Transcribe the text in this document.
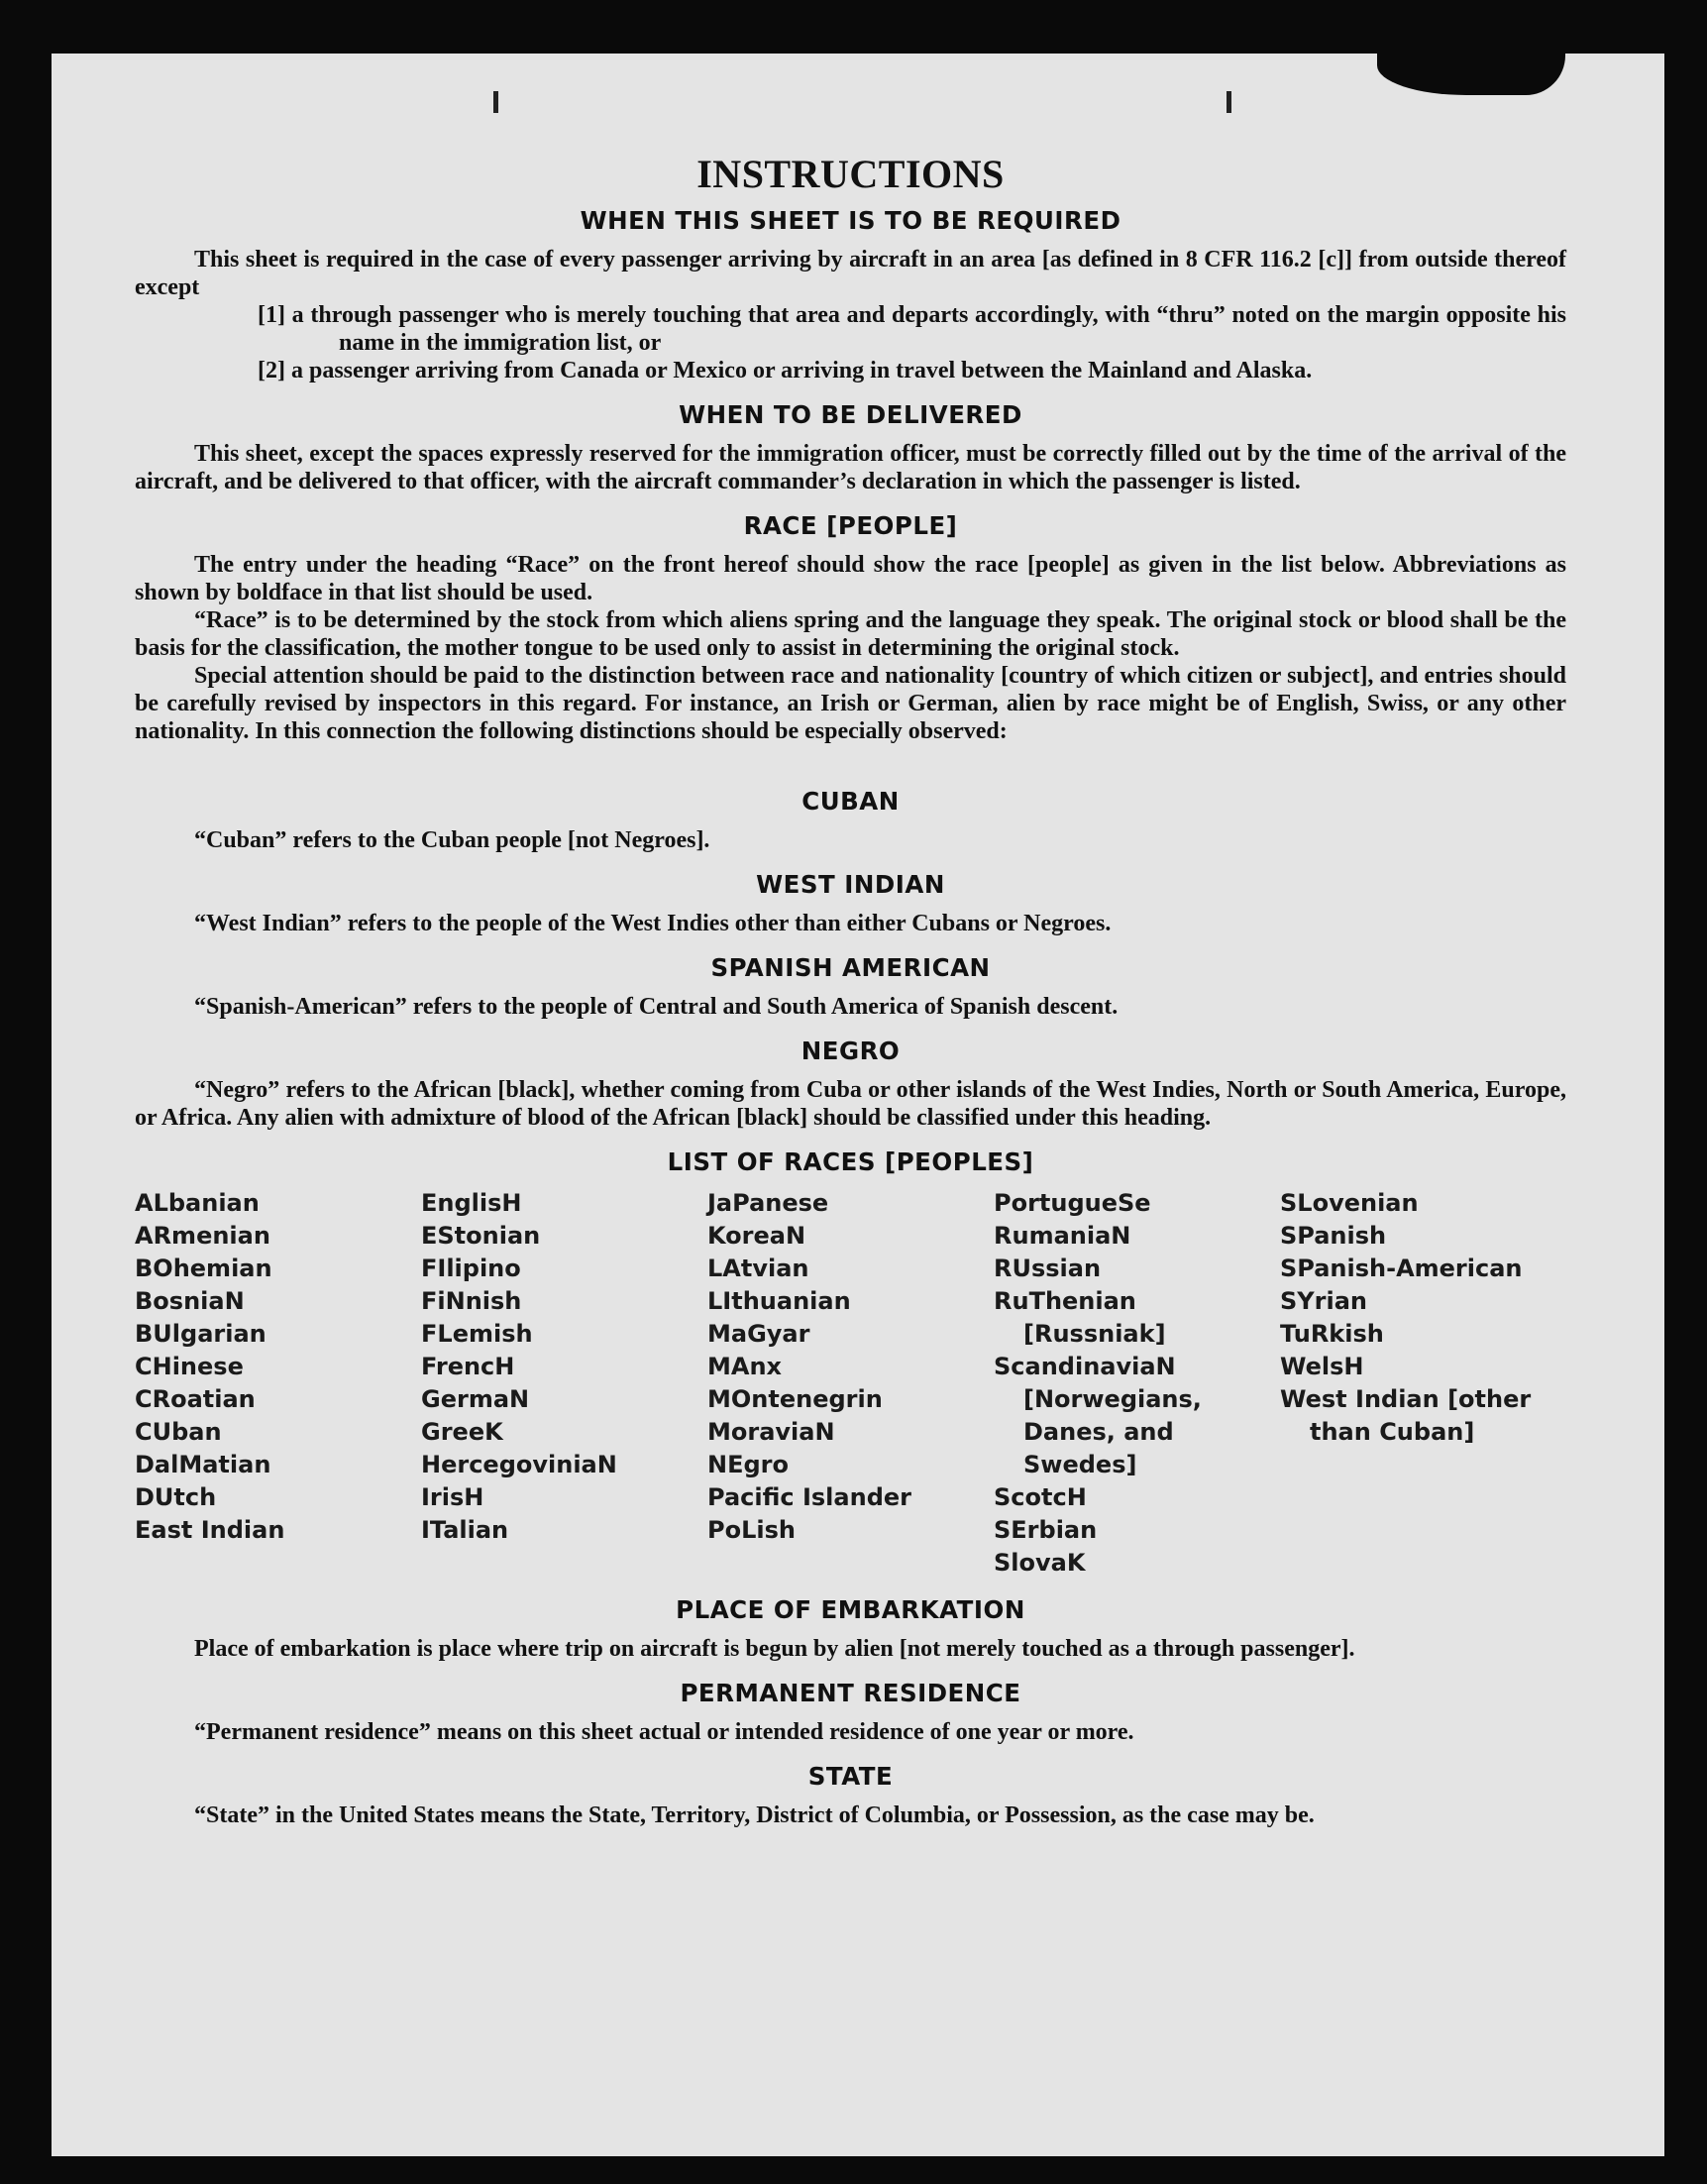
INSTRUCTIONS
WHEN THIS SHEET IS TO BE REQUIRED

This sheet is required in the case of every passenger arriving by aircraft in an area [as defined in 8 CFR 116.2 [c]] from outside thereof except

[1] a through passenger who is merely touching that area and departs accordingly, with “thru” noted on the margin opposite his name in the immigration list, or
[2] a passenger arriving from Canada or Mexico or arriving in travel between the Mainland and Alaska.
WHEN TO BE DELIVERED

This sheet, except the spaces expressly reserved for the immigration officer, must be correctly filled out by the time of the arrival of the aircraft, and be delivered to that officer, with the aircraft commander’s declaration in which the passenger is listed.

RACE [PEOPLE]

The entry under the heading “Race” on the front hereof should show the race [people] as given in the list below. Abbreviations as shown by boldface in that list should be used.

“Race” is to be determined by the stock from which aliens spring and the language they speak. The original stock or blood shall be the basis for the classification, the mother tongue to be used only to assist in determining the original stock.

Special attention should be paid to the distinction between race and nationality [country of which citizen or subject], and entries should be carefully revised by inspectors in this regard. For instance, an Irish or German, alien by race might be of English, Swiss, or any other nationality. In this connection the following distinctions should be especially observed:

CUBAN

“Cuban” refers to the Cuban people [not Negroes].

WEST INDIAN

“West Indian” refers to the people of the West Indies other than either Cubans or Negroes.

SPANISH AMERICAN

“Spanish-American” refers to the people of Central and South America of Spanish descent.

NEGRO

“Negro” refers to the African [black], whether coming from Cuba or other islands of the West Indies, North or South America, Europe, or Africa. Any alien with admixture of blood of the African [black] should be classified under this heading.

LIST OF RACES [PEOPLES]
ALbanian
ARmenian
BOhemian
BosniaN
BUlgarian
CHinese
CRoatian
CUban
DalMatian
DUtch
East Indian
EnglisH
EStonian
FIlipino
FiNnish
FLemish
FrencH
GermaN
GreeK
HercegoviniaN
IrisH
ITalian
JaPanese
KoreaN
LAtvian
LIthuanian
MaGyar
MAnx
MOntenegrin
MoraviaN
NEgro
Pacific Islander
PoLish
PortugueSe
RumaniaN
RUssian
RuThenian [Russniak]
ScandinaviaN [Norwegians, Danes, and Swedes]
ScotcH
SErbian
SlovaK
SLovenian
SPanish
SPanish-American
SYrian
TuRkish
WelsH
West Indian [other than Cuban]
PLACE OF EMBARKATION

Place of embarkation is place where trip on aircraft is begun by alien [not merely touched as a through passenger].

PERMANENT RESIDENCE

“Permanent residence” means on this sheet actual or intended residence of one year or more.

STATE

“State” in the United States means the State, Territory, District of Columbia, or Possession, as the case may be.
